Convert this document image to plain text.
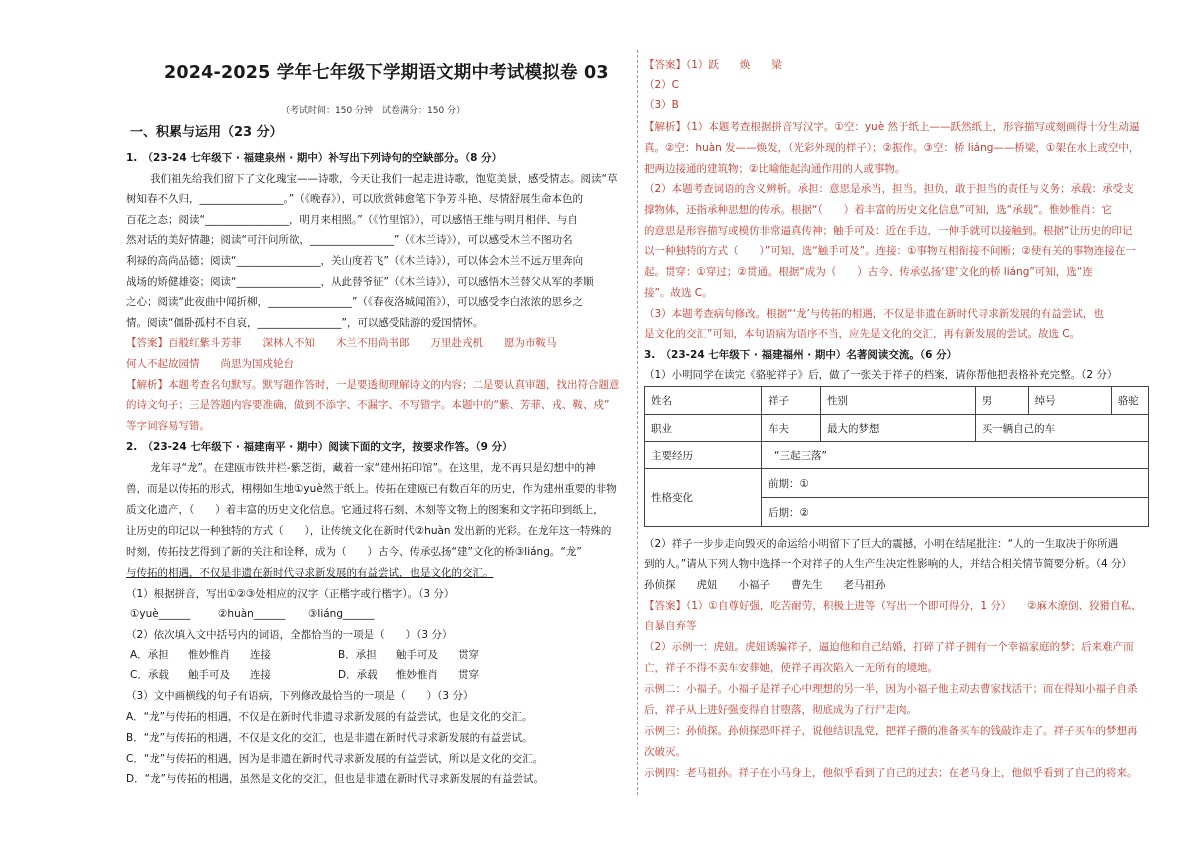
2024-2025 学年七年级下学期语文期中考试模拟卷 03
（考试时间：150 分钟　试卷满分：150 分）
一、积累与运用（23 分）
1.　（23-24 七年级下 · 福建泉州 · 期中）补写出下列诗句的空缺部分。（8 分）
我们祖先给我们留下了文化瑰宝——诗歌，今天让我们一起走进诗歌，饱览美景，感受情志。阅读“草
树知春不久归，________________。”（《晚春》），可以欣赏韩愈笔下争芳斗艳、尽情舒展生命本色的
百花之态；阅读“________________，明月来相照。”（《竹里馆》），可以感悟王维与明月相伴、与自
然对话的美好情趣；阅读“可汗问所欲，________________”（《木兰诗》），可以感受木兰不图功名
利禄的高尚品德；阅读“________________，关山度若飞”（《木兰诗》），可以体会木兰不远万里奔向
战场的矫健雄姿；阅读“________________，从此替爷征”（《木兰诗》），可以感悟木兰替父从军的孝顺
之心；阅读“此夜曲中闻折柳，________________”（《春夜洛城闻笛》），可以感受李白浓浓的思乡之
情。阅读“僵卧孤村不自哀，________________”，可以感受陆游的爱国情怀。
【答案】百般红紫斗芳菲　　深林人不知　　木兰不用尚书郎　　万里赴戎机　　愿为市鞍马
何人不起故园情　　尚思为国戍轮台
【解析】本题考查名句默写。默写题作答时，一是要透彻理解诗文的内容；二是要认真审题，找出符合题意
的诗文句子；三是答题内容要准确，做到不添字、不漏字、不写错字。本题中的“紫、芳菲、戎、鞍、戍”
等字词容易写错。
2.　（23-24 七年级下 · 福建南平 · 期中）阅读下面的文字，按要求作答。（9 分）
龙年寻“龙”。在建瓯市铁井栏-紫芝街，藏着一家“建州拓印馆”。在这里，龙不再只是幻想中的神
兽，而是以传拓的形式，栩栩如生地①yuè然于纸上。传拓在建瓯已有数百年的历史，作为建州重要的非物
质文化遗产，（　　）着丰富的历史文化信息。它通过将石刻、木刻等文物上的图案和文字拓印到纸上，
让历史的印记以一种独特的方式（　　），让传统文化在新时代②huàn 发出新的光彩。在龙年这一特殊的
时刻，传拓技艺得到了新的关注和诠释，成为（　　）古今、传承弘扬“建”文化的桥③liáng。“龙”
与传拓的相遇，不仅是非遗在新时代寻求新发展的有益尝试，也是文化的交汇。
（1）根据拼音，写出①②③处相应的汉字（正楷字或行楷字）。（3 分）
①yuè______	②huàn______ ③liáng______
（2）依次填入文中括号内的词语，全都恰当的一项是（　　）（3 分）
A．承担 惟妙惟肖 连接	B．承担 触手可及 贯穿
C．承载 触手可及 连接	D．承载 惟妙惟肖 贯穿
（3）文中画横线的句子有语病，下列修改最恰当的一项是（　　）（3 分）
A．“龙”与传拓的相遇，不仅是在新时代非遗寻求新发展的有益尝试，也是文化的交汇。
B．“龙”与传拓的相遇，不仅是文化的交汇，也是非遗在新时代寻求新发展的有益尝试。
C．“龙”与传拓的相遇，因为是非遗在新时代寻求新发展的有益尝试，所以是文化的交汇。
D．“龙”与传拓的相遇，虽然是文化的交汇，但也是非遗在新时代寻求新发展的有益尝试。
【答案】（1）跃　　焕　　梁
（2）C
（3）B
【解析】（1）本题考查根据拼音写汉字。①空：yuè 然于纸上——跃然纸上，形容描写或刻画得十分生动逼
真。②空：huàn 发——焕发，（光彩外现的样子）；②振作。③空：桥 liáng——桥梁，①架在水上或空中，
把两边接通的建筑物；②比喻能起沟通作用的人或事物。
（2）本题考查词语的含义辨析。承担：意思是承当，担当，担负，敢于担当的责任与义务；承载：承受支
撑物体，还指承种思想的传承。根据“（　　）着丰富的历史文化信息”可知，选“承载”。惟妙惟肖：它
的意思是形容描写或模仿非常逼真传神；触手可及：近在手边，一伸手就可以接触到。根据“让历史的印记
以一种独特的方式（　　）”可知，选“触手可及”。连接：①事物互相衔接不间断；②使有关的事物连接在一
起。贯穿：①穿过；②贯通。根据“成为（　　）古今、传承弘扬‘建’文化的桥 liáng”可知，选“连
接”。故选 C。
（3）本题考查病句修改。根据“‘龙’与传拓的相遇，不仅是非遗在新时代寻求新发展的有益尝试，也
是文化的交汇”可知，本句语病为语序不当，应先是文化的交汇，再有新发展的尝试。故选 C。
3.　（23-24 七年级下 · 福建福州 · 期中）名著阅读交流。（6 分）
（1）小明同学在读完《骆驼祥子》后，做了一张关于祥子的档案，请你帮他把表格补充完整。（2 分）
姓名	祥子	性别	男	绰号	骆驼
职业	车夫	最大的梦想	买一辆自己的车		
主要经历	“三起三落”				
性格变化	前期：①				
	后期：②				
（2）祥子一步步走向毁灭的命运给小明留下了巨大的震撼，小明在结尾批注：“人的一生取决于你所遇
到的人。”请从下列人物中选择一个对祥子的人生产生决定性影响的人，并结合相关情节简要分析。（4 分）
孙侦探　　虎妞　　小福子　　曹先生　　老马祖孙
【答案】（1）①自尊好强，吃苦耐劳，积极上进等（写出一个即可得分，1 分）　　②麻木潦倒、狡猾自私、
自暴自弃等
（2）示例一：虎妞。虎妞诱骗祥子，逼迫他和自己结婚，打碎了祥子拥有一个幸福家庭的梦；后来难产而
亡，祥子不得不卖车安葬她，使祥子再次陷入一无所有的境地。
示例二：小福子。小福子是祥子心中理想的另一半，因为小福子他主动去曹家找活干；而在得知小福子自杀
后，祥子从上进好强变得自甘堕落，彻底成为了行尸走肉。
示例三：孙侦探。孙侦探恐吓祥子，说他结识乱党，把祥子攒的准备买车的钱敲诈走了。祥子买车的梦想再
次破灭。
示例四：老马祖孙。祥子在小马身上，他似乎看到了自己的过去；在老马身上，他似乎看到了自己的将来。
